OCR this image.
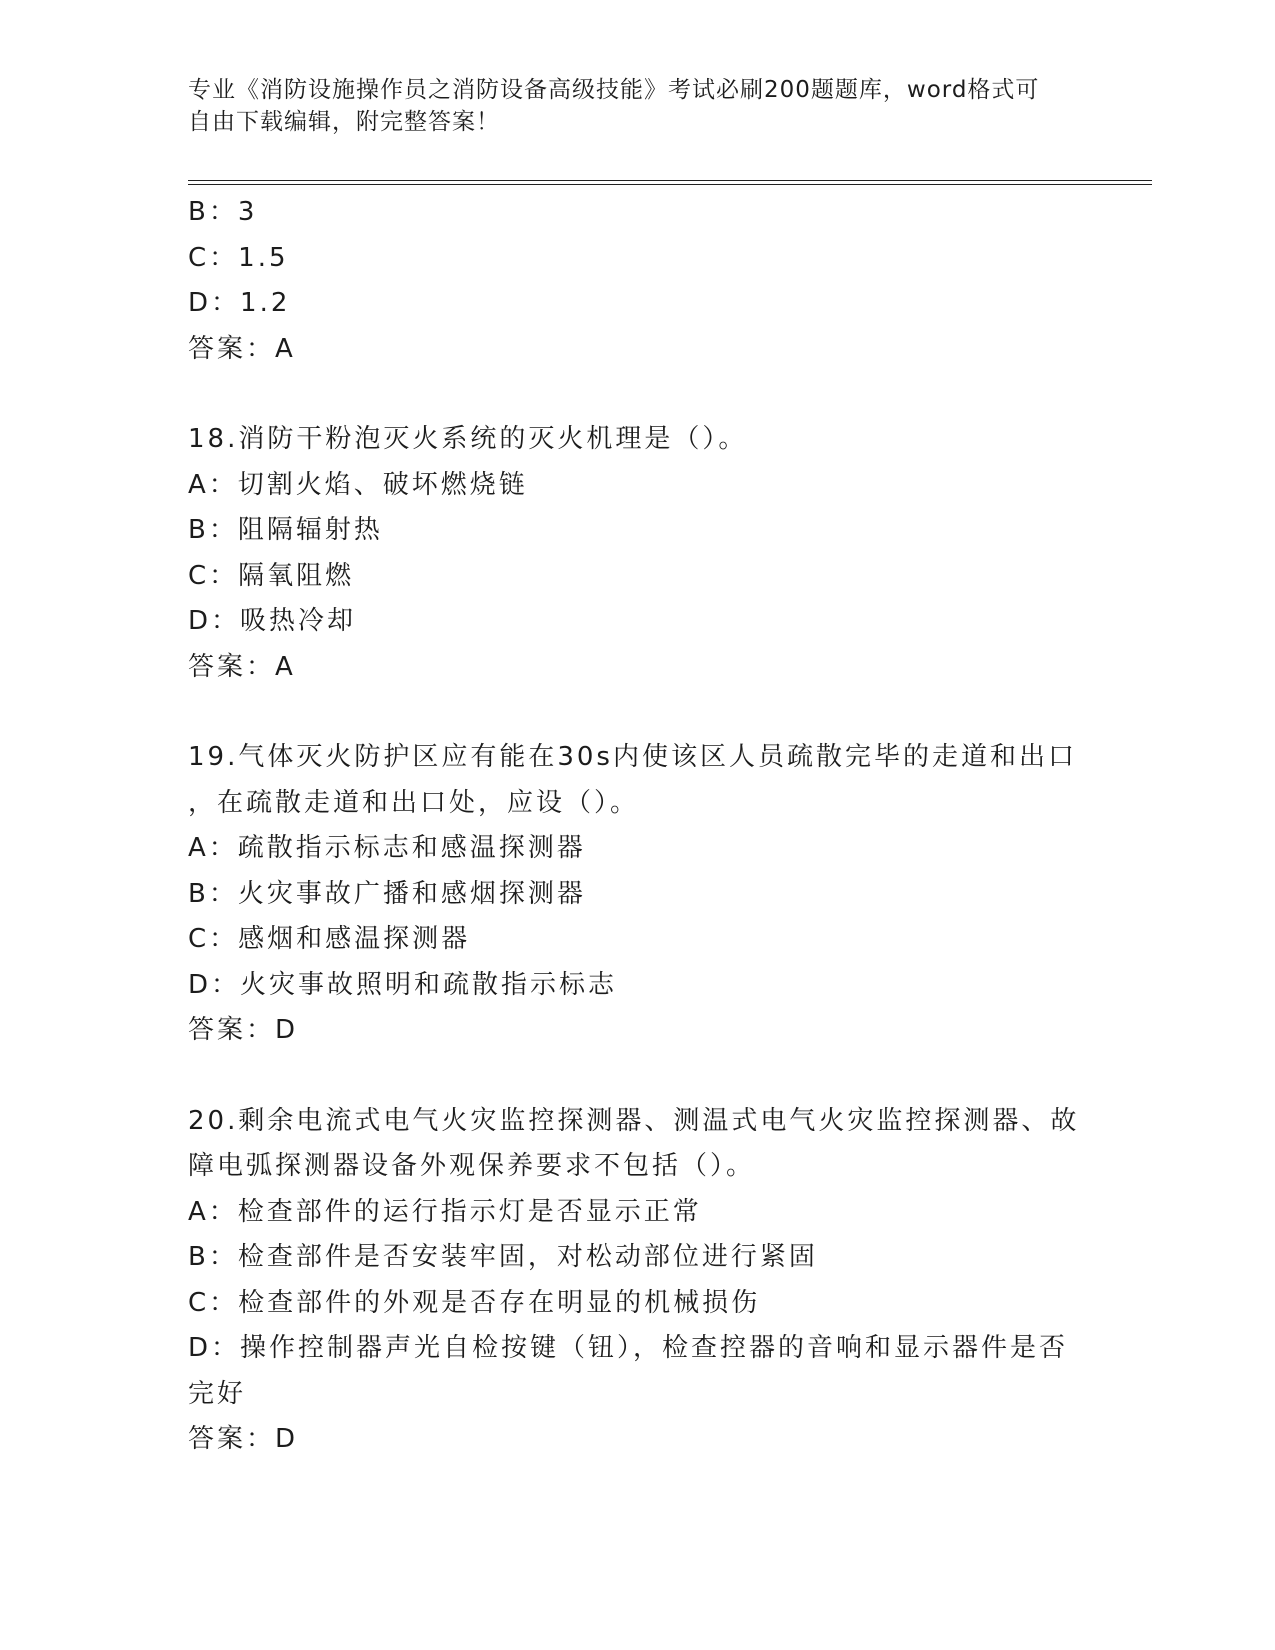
专业《消防设施操作员之消防设备高级技能》考试必刷200题题库，word格式可
自由下载编辑，附完整答案！
B：3
C：1.5
D：1.2
答案：A
18.消防干粉泡灭火系统的灭火机理是（）。
A：切割火焰、破坏燃烧链
B：阻隔辐射热
C：隔氧阻燃
D：吸热冷却
答案：A
19.气体灭火防护区应有能在30s内使该区人员疏散完毕的走道和出口
，在疏散走道和出口处，应设（）。
A：疏散指示标志和感温探测器
B：火灾事故广播和感烟探测器
C：感烟和感温探测器
D：火灾事故照明和疏散指示标志
答案：D
20.剩余电流式电气火灾监控探测器、测温式电气火灾监控探测器、故
障电弧探测器设备外观保养要求不包括（）。
A：检查部件的运行指示灯是否显示正常
B：检查部件是否安装牢固，对松动部位进行紧固
C：检查部件的外观是否存在明显的机械损伤
D：操作控制器声光自检按键（钮），检查控器的音响和显示器件是否
完好
答案：D
